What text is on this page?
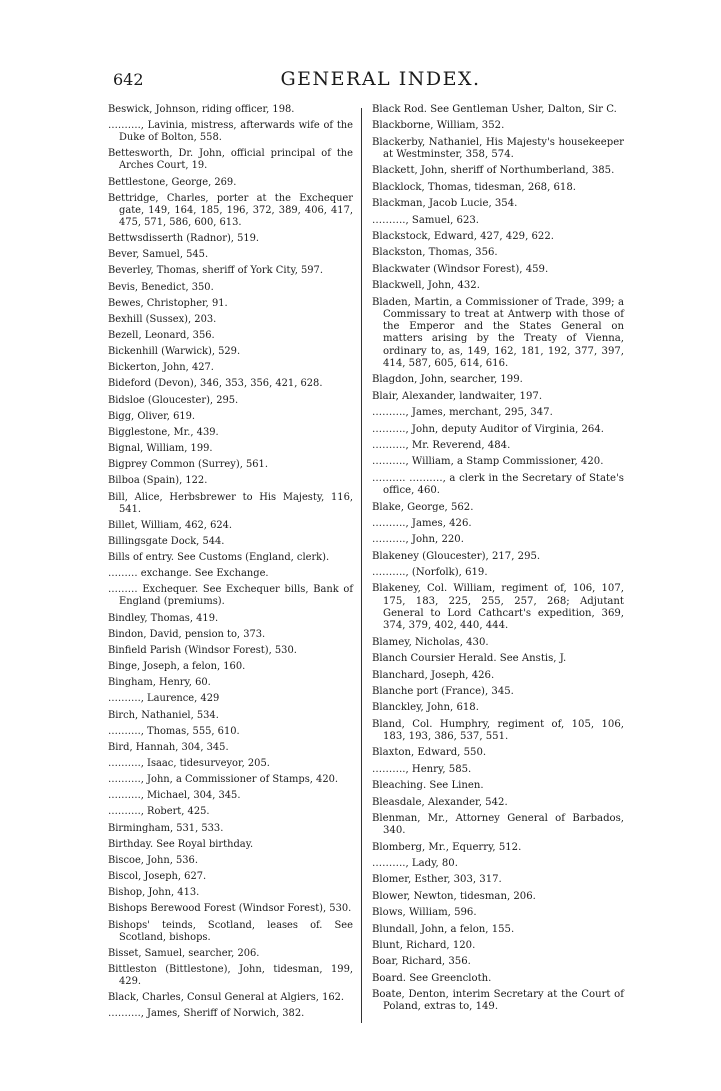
642	GENERAL INDEX.

Beswick, Johnson, riding officer, 198.

………., Lavinia, mistress, afterwards wife of the Duke of Bolton, 558.

Bettesworth, Dr. John, official principal of the Arches Court, 19.

Bettlestone, George, 269.

Bettridge, Charles, porter at the Exchequer gate, 149, 164, 185, 196, 372, 389, 406, 417, 475, 571, 586, 600, 613.

Bettwsdisserth (Radnor), 519.

Bever, Samuel, 545.

Beverley, Thomas, sheriff of York City, 597.

Bevis, Benedict, 350.

Bewes, Christopher, 91.

Bexhill (Sussex), 203.

Bezell, Leonard, 356.

Bickenhill (Warwick), 529.

Bickerton, John, 427.

Bideford (Devon), 346, 353, 356, 421, 628.

Bidsloe (Gloucester), 295.

Bigg, Oliver, 619.

Bigglestone, Mr., 439.

Bignal, William, 199.

Bigprey Common (Surrey), 561.

Bilboa (Spain), 122.

Bill, Alice, Herbsbrewer to His Majesty, 116, 541.

Billet, William, 462, 624.

Billingsgate Dock, 544.

Bills of entry. See Customs (England, clerk).

……… exchange. See Exchange.

……… Exchequer. See Exchequer bills, Bank of England (premiums).

Bindley, Thomas, 419.

Bindon, David, pension to, 373.

Binfield Parish (Windsor Forest), 530.

Binge, Joseph, a felon, 160.

Bingham, Henry, 60.

………., Laurence, 429

Birch, Nathaniel, 534.

………., Thomas, 555, 610.

Bird, Hannah, 304, 345.

………., Isaac, tidesurveyor, 205.

………., John, a Commissioner of Stamps, 420.

………., Michael, 304, 345.

………., Robert, 425.

Birmingham, 531, 533.

Birthday. See Royal birthday.

Biscoe, John, 536.

Biscol, Joseph, 627.

Bishop, John, 413.

Bishops Berewood Forest (Windsor Forest), 530.

Bishops' teinds, Scotland, leases of. See Scotland, bishops.

Bisset, Samuel, searcher, 206.

Bittleston (Bittlestone), John, tidesman, 199, 429.

Black, Charles, Consul General at Algiers, 162.

………., James, Sheriff of Norwich, 382.

Black Rod. See Gentleman Usher, Dalton, Sir C.

Blackborne, William, 352.

Blackerby, Nathaniel, His Majesty's housekeeper at Westminster, 358, 574.

Blackett, John, sheriff of Northumberland, 385.

Blacklock, Thomas, tidesman, 268, 618.

Blackman, Jacob Lucie, 354.

………., Samuel, 623.

Blackstock, Edward, 427, 429, 622.

Blackston, Thomas, 356.

Blackwater (Windsor Forest), 459.

Blackwell, John, 432.

Bladen, Martin, a Commissioner of Trade, 399; a Commissary to treat at Antwerp with those of the Emperor and the States General on matters arising by the Treaty of Vienna, ordinary to, as, 149, 162, 181, 192, 377, 397, 414, 587, 605, 614, 616.

Blagdon, John, searcher, 199.

Blair, Alexander, landwaiter, 197.

………., James, merchant, 295, 347.

………., John, deputy Auditor of Virginia, 264.

………., Mr. Reverend, 484.

………., William, a Stamp Commissioner, 420.

………. ………., a clerk in the Secretary of State's office, 460.

Blake, George, 562.

………., James, 426.

………., John, 220.

Blakeney (Gloucester), 217, 295.

………., (Norfolk), 619.

Blakeney, Col. William, regiment of, 106, 107, 175, 183, 225, 255, 257, 268; Adjutant General to Lord Cathcart's expedition, 369, 374, 379, 402, 440, 444.

Blamey, Nicholas, 430.

Blanch Coursier Herald. See Anstis, J.

Blanchard, Joseph, 426.

Blanche port (France), 345.

Blanckley, John, 618.

Bland, Col. Humphry, regiment of, 105, 106, 183, 193, 386, 537, 551.

Blaxton, Edward, 550.

………., Henry, 585.

Bleaching. See Linen.

Bleasdale, Alexander, 542.

Blenman, Mr., Attorney General of Barbados, 340.

Blomberg, Mr., Equerry, 512.

………., Lady, 80.

Blomer, Esther, 303, 317.

Blower, Newton, tidesman, 206.

Blows, William, 596.

Blundall, John, a felon, 155.

Blunt, Richard, 120.

Boar, Richard, 356.

Board. See Greencloth.

Boate, Denton, interim Secretary at the Court of Poland, extras to, 149.
